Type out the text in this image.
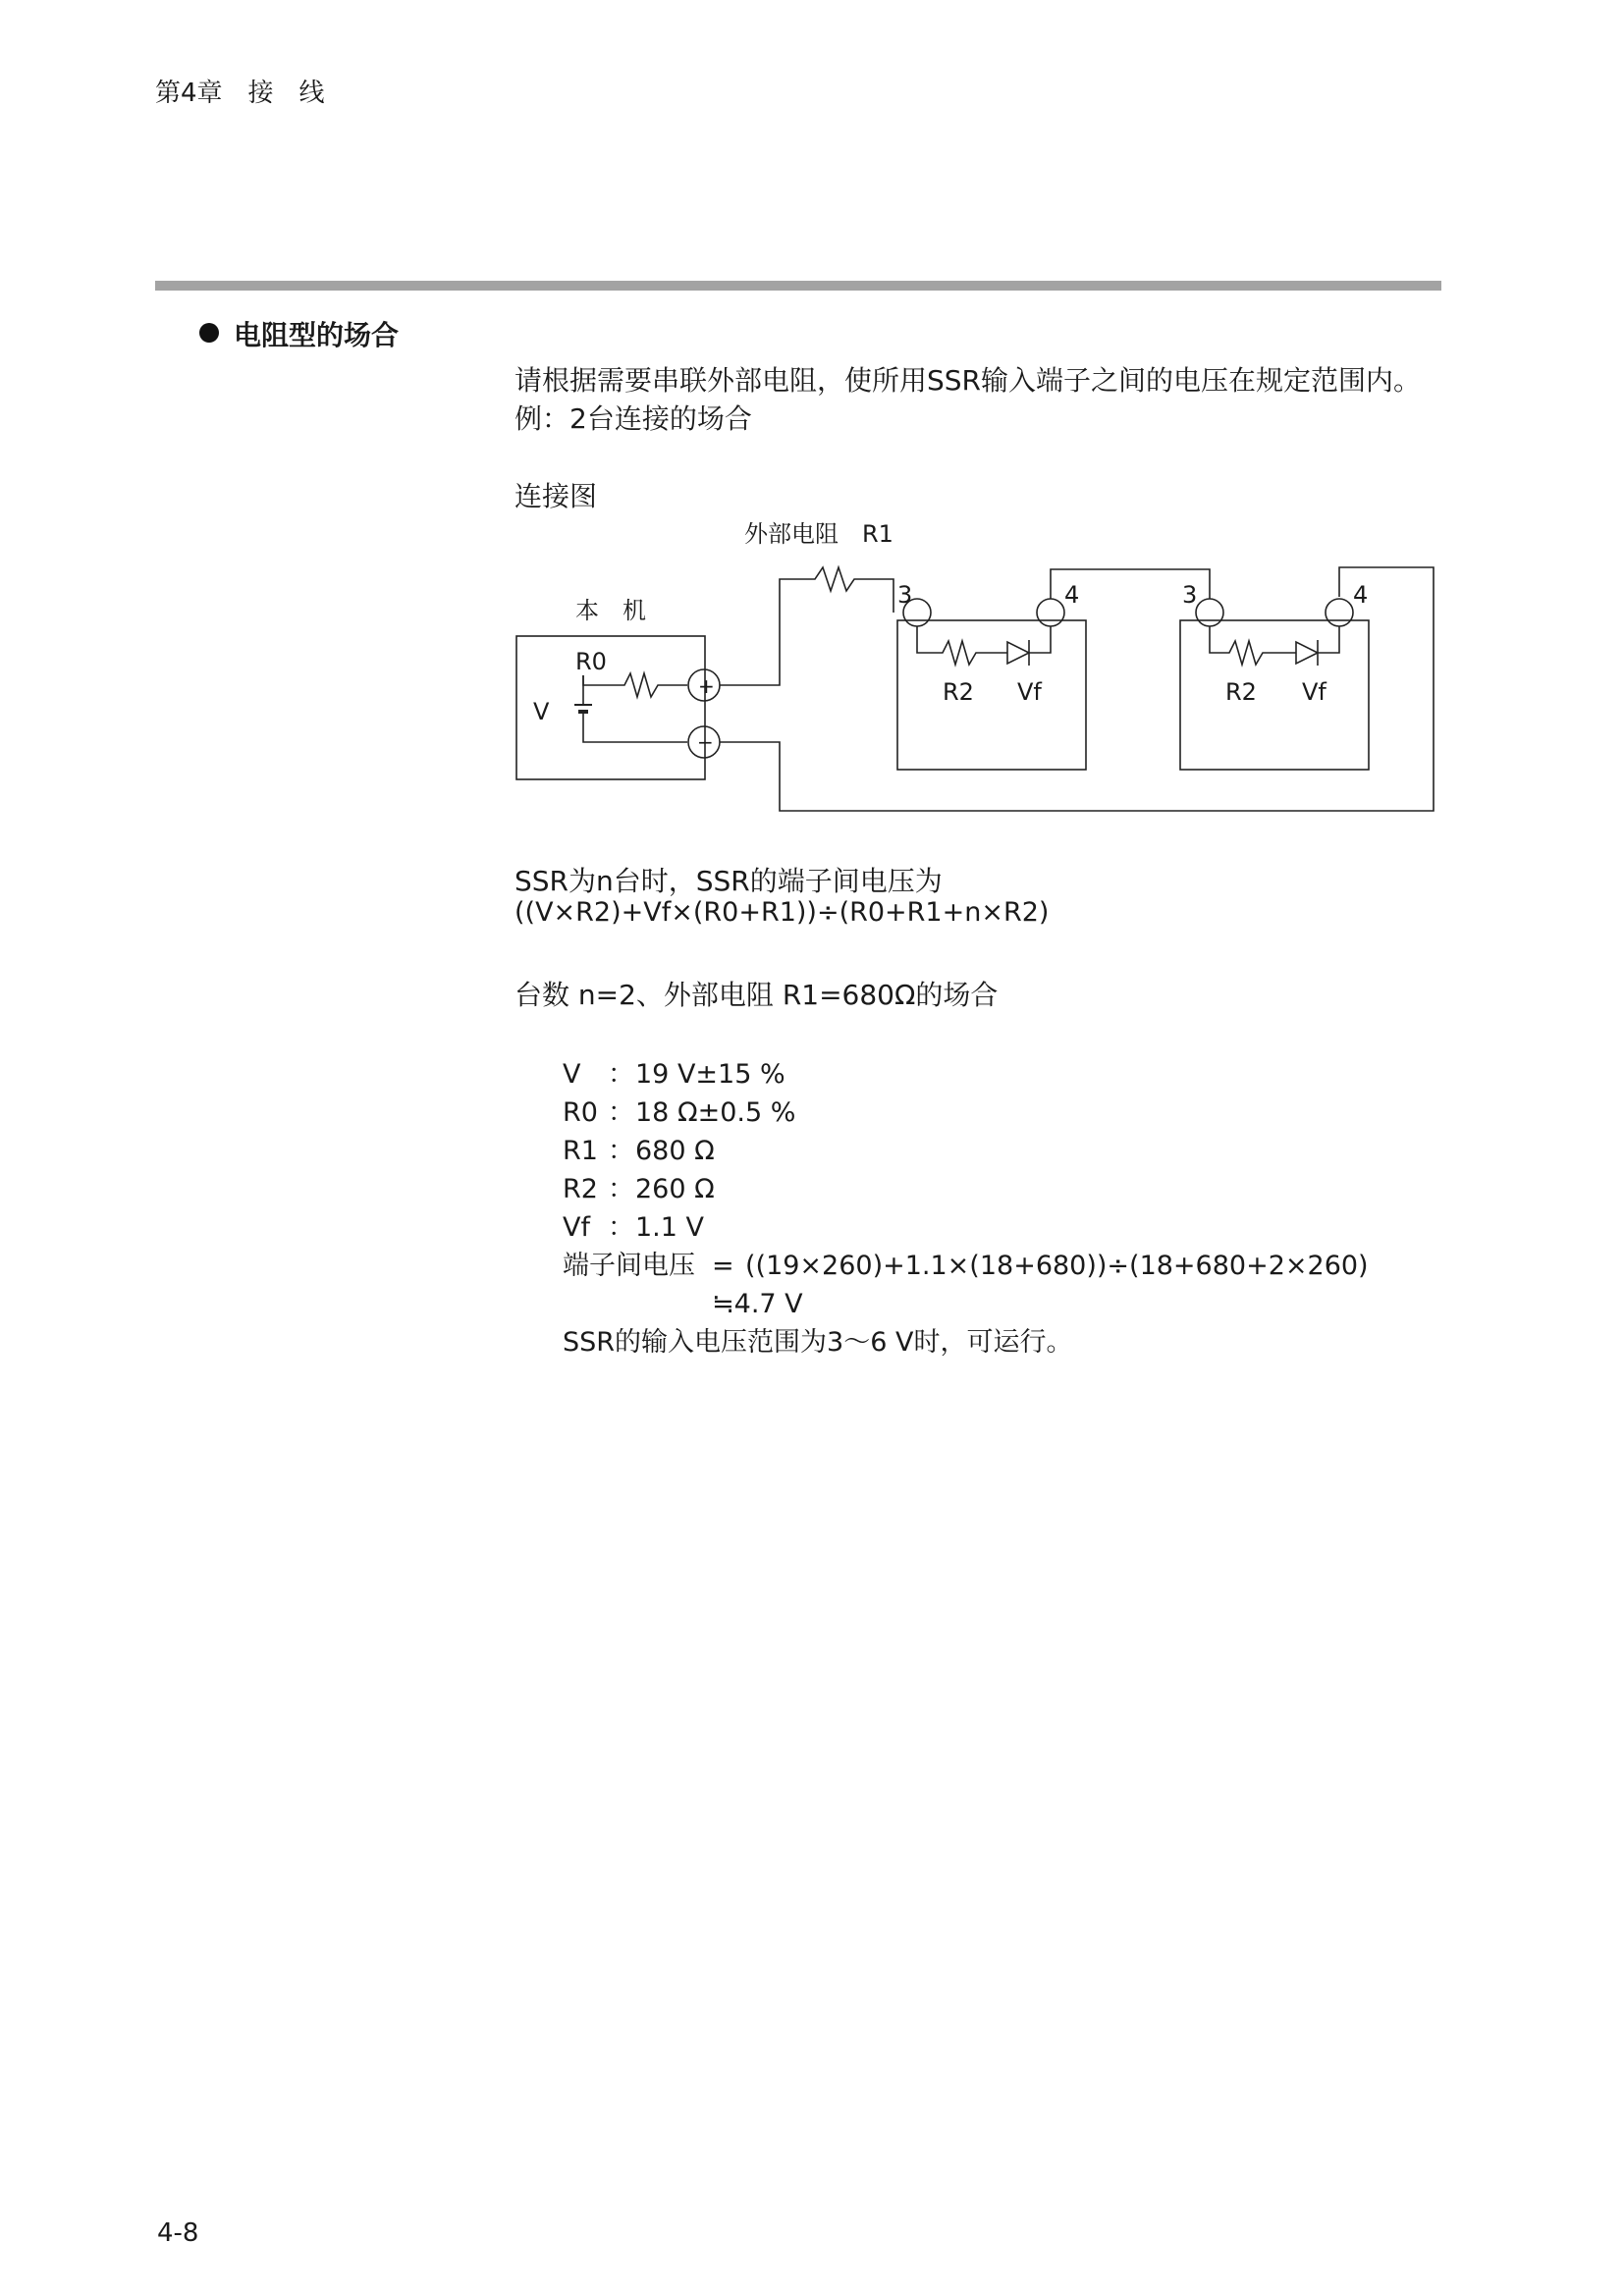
第4章　接　线
电阻型的场合
请根据需要串联外部电阻，使所用SSR输入端子之间的电压在规定范围内。
例：2台连接的场合
连接图
本　机
R0
V
+
−
外部电阻　R1
3	4
R2 Vf
3	4
R2 Vf
SSR为n台时，SSR的端子间电压为
((V×R2)+Vf×(R0+R1))÷(R0+R1+n×R2)
台数 n=2、外部电阻 R1=680Ω的场合
V ： 19 V±15 %
R0 ： 18 Ω±0.5 %
R1 ： 680 Ω
R2 ： 260 Ω
Vf ： 1.1 V
端子间电压 = ((19×260)+1.1×(18+680))÷(18+680+2×260)
≒4.7 V
SSR的输入电压范围为3～6 V时，可运行。
4-8
